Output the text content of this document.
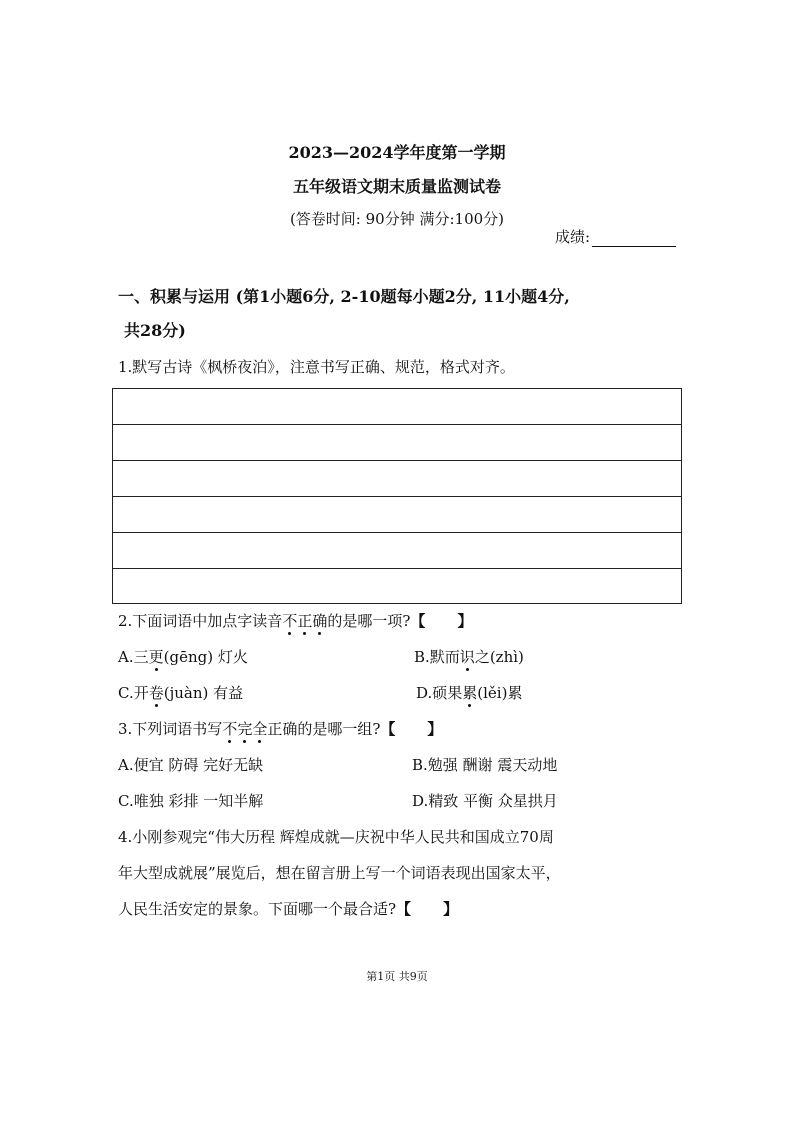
2023—2024学年度第一学期
五年级语文期末质量监测试卷
(答卷时间: 90分钟 满分:100分)
成绩:
一、积累与运用 (第1小题6分, 2-10题每小题2分, 11小题4分,
共28分)
1.默写古诗《枫桥夜泊》，注意书写正确、规范，格式对齐。
2.下面词语中加点字读音不正确的是哪一项?【 】
A.三更(gēng) 灯火	B.默而识之(zhì)
C.开卷(juàn) 有益	D.硕果累(lěi)累
3.下列词语书写不完全正确的是哪一组?【 】
A.便宜 防碍 完好无缺	B.勉强 酬谢 震天动地
C.唯独 彩排 一知半解	D.精致 平衡 众星拱月
4.小刚参观完“伟大历程 辉煌成就—庆祝中华人民共和国成立70周
年大型成就展”展览后，想在留言册上写一个词语表现出国家太平，
人民生活安定的景象。下面哪一个最合适?【 】
第1页 共9页
